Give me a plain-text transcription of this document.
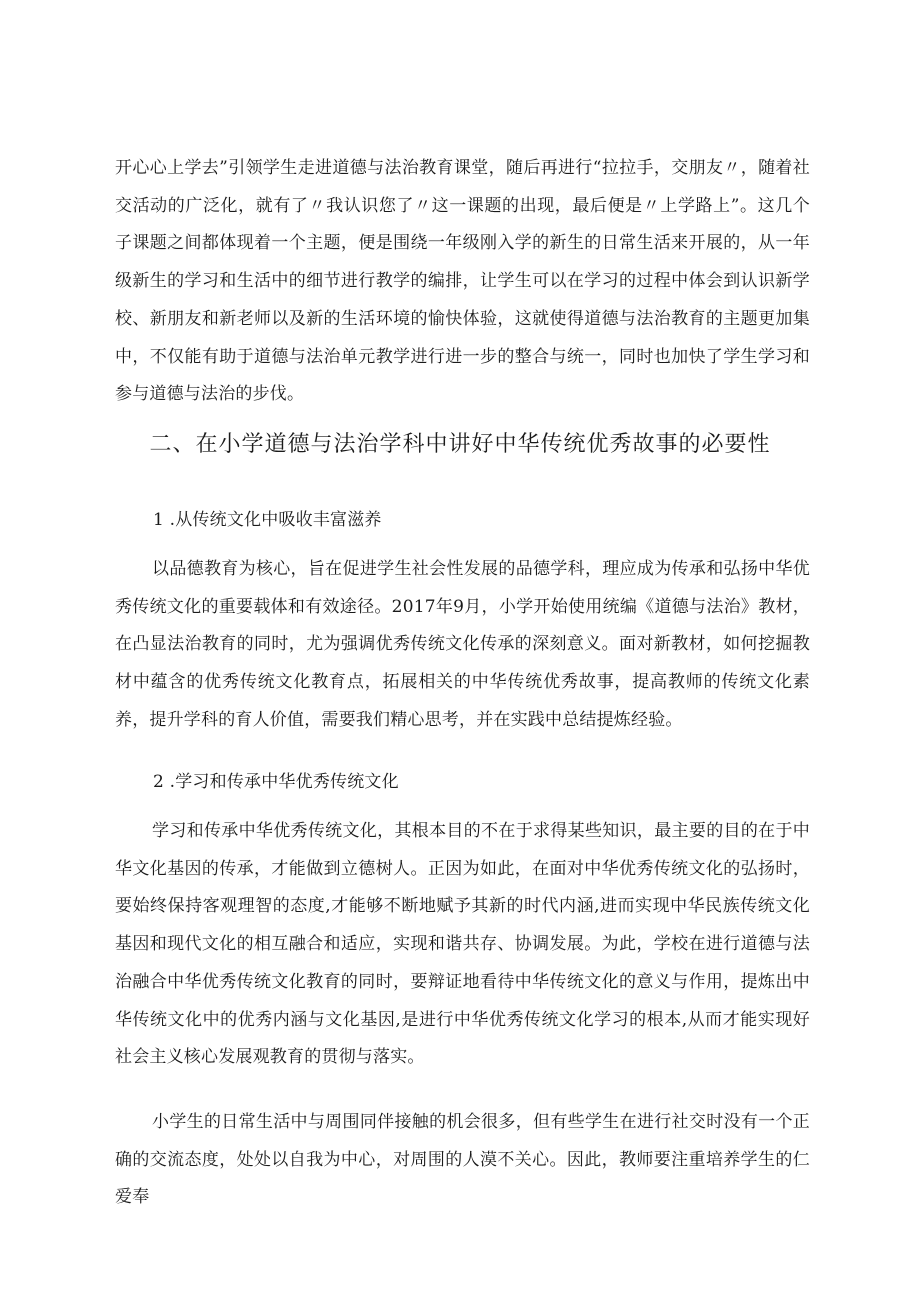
开心心上学去”引领学生走进道德与法治教育课堂，随后再进行“拉拉手，交朋友〃，随着社交活动的广泛化，就有了〃我认识您了〃这一课题的出现，最后便是〃上学路上”。这几个子课题之间都体现着一个主题，便是围绕一年级刚入学的新生的日常生活来开展的，从一年级新生的学习和生活中的细节进行教学的编排，让学生可以在学习的过程中体会到认识新学校、新朋友和新老师以及新的生活环境的愉快体验，这就使得道德与法治教育的主题更加集中，不仅能有助于道德与法治单元教学进行进一步的整合与统一，同时也加快了学生学习和参与道德与法治的步伐。

二、在小学道德与法治学科中讲好中华传统优秀故事的必要性
1 .从传统文化中吸收丰富滋养

以品德教育为核心，旨在促进学生社会性发展的品德学科，理应成为传承和弘扬中华优秀传统文化的重要载体和有效途径。2017年9月，小学开始使用统编《道德与法治》教材，在凸显法治教育的同时，尤为强调优秀传统文化传承的深刻意义。面对新教材，如何挖掘教材中蕴含的优秀传统文化教育点，拓展相关的中华传统优秀故事，提高教师的传统文化素养，提升学科的育人价值，需要我们精心思考，并在实践中总结提炼经验。

2 .学习和传承中华优秀传统文化

学习和传承中华优秀传统文化，其根本目的不在于求得某些知识，最主要的目的在于中华文化基因的传承，才能做到立德树人。正因为如此，在面对中华优秀传统文化的弘扬时，要始终保持客观理智的态度,才能够不断地赋予其新的时代内涵,进而实现中华民族传统文化基因和现代文化的相互融合和适应，实现和谐共存、协调发展。为此，学校在进行道德与法治融合中华优秀传统文化教育的同时，要辩证地看待中华传统文化的意义与作用，提炼出中华传统文化中的优秀内涵与文化基因,是进行中华优秀传统文化学习的根本,从而才能实现好社会主义核心发展观教育的贯彻与落实。

小学生的日常生活中与周围同伴接触的机会很多，但有些学生在进行社交时没有一个正确的交流态度，处处以自我为中心，对周围的人漠不关心。因此，教师要注重培养学生的仁爱奉
